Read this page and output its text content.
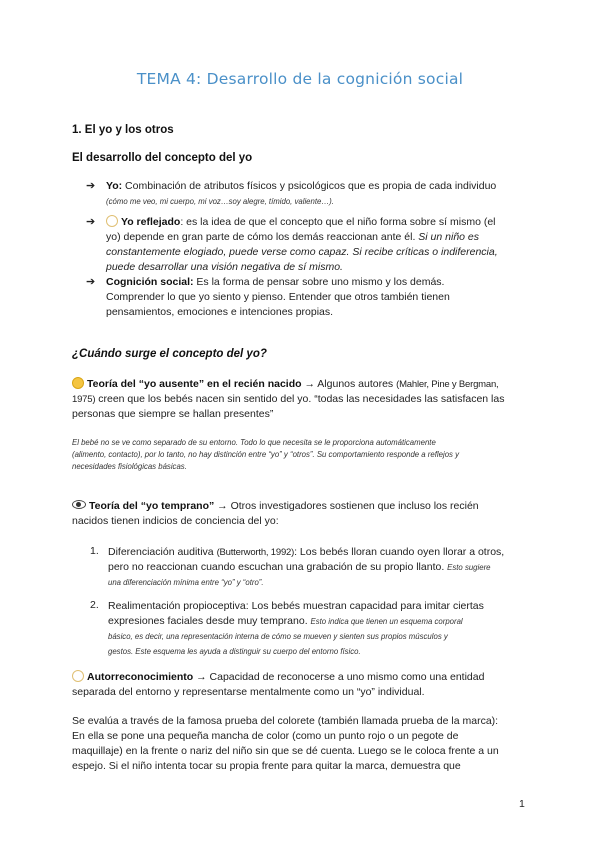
TEMA 4: Desarrollo de la cognición social
1. El yo y los otros
El desarrollo del concepto del yo
➔ Yo: Combinación de atributos físicos y psicológicos que es propia de cada individuo
(cómo me veo, mi cuerpo, mi voz…soy alegre, tímido, valiente…).
➔	Yo reflejado: es la idea de que el concepto que el niño forma sobre sí mismo (el
yo) depende en gran parte de cómo los demás reaccionan ante él. Si un niño es
constantemente elogiado, puede verse como capaz. Si recibe críticas o indiferencia,
puede desarrollar una visión negativa de sí mismo.
➔ Cognición social: Es la forma de pensar sobre uno mismo y los demás.
Comprender lo que yo siento y pienso. Entender que otros también tienen
pensamientos, emociones e intenciones propias.
¿Cuándo surge el concepto del yo?
Teoría del “yo ausente” en el recién nacido → Algunos autores (Mahler, Pine y Bergman,
1975) creen que los bebés nacen sin sentido del yo. “todas las necesidades las satisfacen las
personas que siempre se hallan presentes”
El bebé no se ve como separado de su entorno. Todo lo que necesita se le proporciona automáticamente
(alimento, contacto), por lo tanto, no hay distinción entre “yo” y “otros”. Su comportamiento responde a reflejos y
necesidades fisiológicas básicas.
Teoría del “yo temprano” → Otros investigadores sostienen que incluso los recién
nacidos tienen indicios de conciencia del yo:
1. Diferenciación auditiva (Butterworth, 1992): Los bebés lloran cuando oyen llorar a otros,
pero no reaccionan cuando escuchan una grabación de su propio llanto. Esto sugiere
una diferenciación mínima entre “yo” y “otro”.
2. Realimentación propioceptiva: Los bebés muestran capacidad para imitar ciertas
expresiones faciales desde muy temprano. Esto indica que tienen un esquema corporal
básico, es decir, una representación interna de cómo se mueven y sienten sus propios músculos y
gestos. Este esquema les ayuda a distinguir su cuerpo del entorno físico.
Autorreconocimiento → Capacidad de reconocerse a uno mismo como una entidad
separada del entorno y representarse mentalmente como un “yo” individual.
Se evalúa a través de la famosa prueba del colorete (también llamada prueba de la marca):
En ella se pone una pequeña mancha de color (como un punto rojo o un pegote de
maquillaje) en la frente o nariz del niño sin que se dé cuenta. Luego se le coloca frente a un
espejo. Si el niño intenta tocar su propia frente para quitar la marca, demuestra que
1
